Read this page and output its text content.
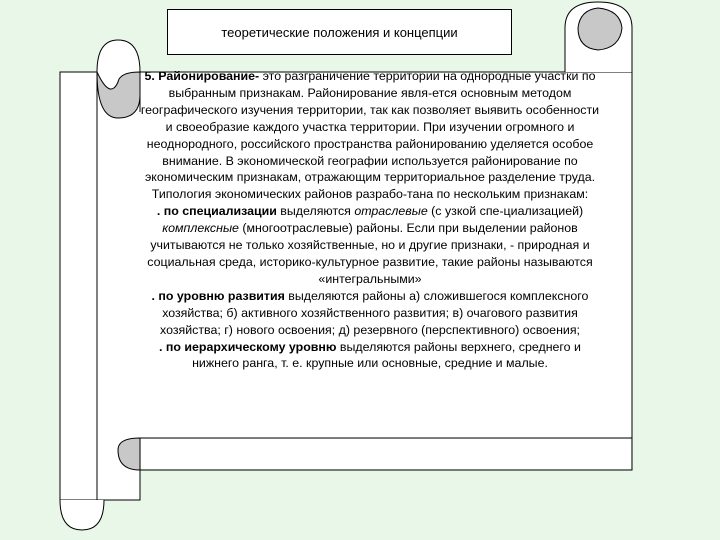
теоретические положения и концепции

5. Районирование- это разграничение территории на однородные участки по выбранным признакам. Районирование явля-ется основным методом географического изучения территории, так как позволяет выявить особенности и своеобразие каждого участка территории. При изучении огромного и неоднородного, российского пространства районированию уделяется особое внимание. В экономической географии используется районирование по экономическим признакам, отражающим территориальное разделение труда. Типология экономических районов разрабо-тана по нескольким признакам:

. по специализации выделяются отраслевые (с узкой спе-циализацией) комплексные (многоотраслевые) районы. Если при выделении районов учитываются не только хозяйственные, но и другие признаки, - природная и социальная среда, историко-культурное развитие, такие районы называются «интегральными»

. по уровню развития выделяются районы а) сложившегося комплексного хозяйства; б) активного хозяйственного развития; в) очагового развития хозяйства; г) нового освоения; д) резервного (перспективного) освоения;

. по иерархическому уровню выделяются районы верхнего, среднего и нижнего ранга, т. е. крупные или основные, средние и малые.
